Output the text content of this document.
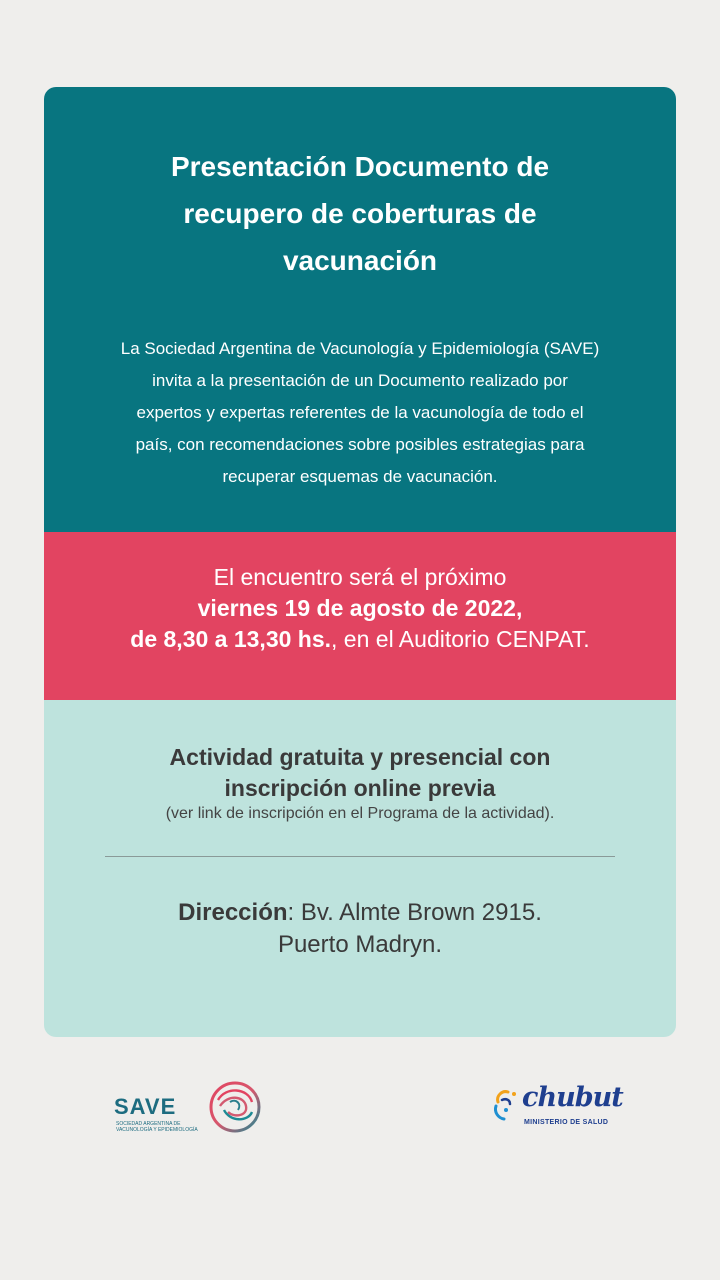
Presentación Documento de
recupero de coberturas de
vacunación

La Sociedad Argentina de Vacunología y Epidemiología (SAVE)
invita a la presentación de un Documento realizado por
expertos y expertas referentes de la vacunología de todo el
país, con recomendaciones sobre posibles estrategias para
recuperar esquemas de vacunación.

El encuentro será el próximo
viernes 19 de agosto de 2022,
de 8,30 a 13,30 hs., en el Auditorio CENPAT.

Actividad gratuita y presencial con
inscripción online previa

(ver link de inscripción en el Programa de la actividad).

Dirección: Bv. Almte Brown 2915.
Puerto Madryn.

SAVE
SOCIEDAD ARGENTINA DE VACUNOLOGÍA Y EPIDEMIOLOGÍA
chubut
MINISTERIO DE SALUD
